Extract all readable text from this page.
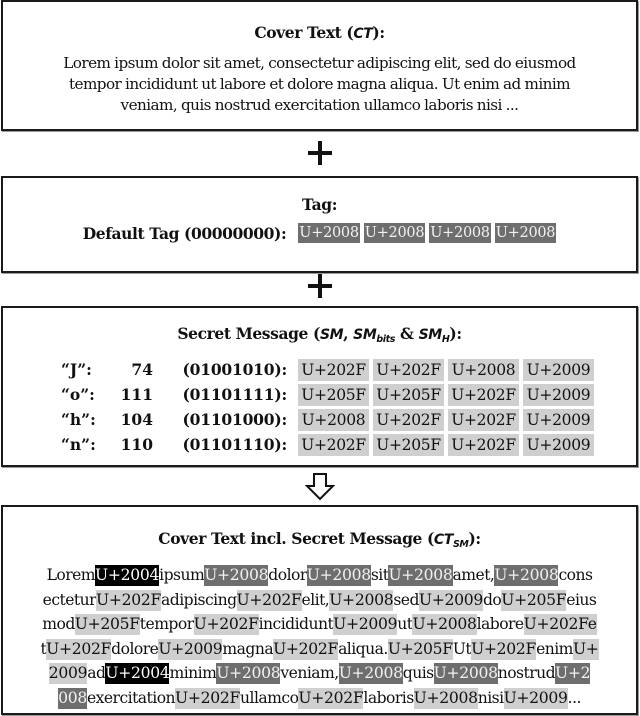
Cover Text (CT):
Lorem ipsum dolor sit amet, consectetur adipiscing elit, sed do eiusmod
tempor incididunt ut labore et dolore magna aliqua. Ut enim ad minim
veniam, quis nostrud exercitation ullamco laboris nisi ...
Tag:
Default Tag (00000000): U+2008 U+2008 U+2008 U+2008
Secret Message (SM, $SM_{bits}$ & $SM_H$):
“J”:	74	(01001010): U+202F U+202F U+2008 U+2009
“o”:	111	(01101111): U+205F U+205F U+202F U+2009
“h”:	104	(01101000): U+2008 U+202F U+202F U+2009
“n”:	110	(01101110): U+202F U+205F U+202F U+2009
Cover Text incl. Secret Message $(CT_{SM})$:
LoremU+2004ipsumU+2008dolorU+2008sitU+2008amet,U+2008cons
ecteturU+202FadipiscingU+202Felit,U+2008sedU+2009doU+205Feius
modU+205FtemporU+202FincididuntU+2009utU+2008laboreU+202Fe
tU+202FdoloreU+2009magnaU+202Faliqua.U+205FUtU+202FenimU+
2009adU+2004minimU+2008veniam,U+2008quisU+2008nostrudU+2
008exercitationU+202FullamcoU+202FlaborisU+2008nisiU+2009...
